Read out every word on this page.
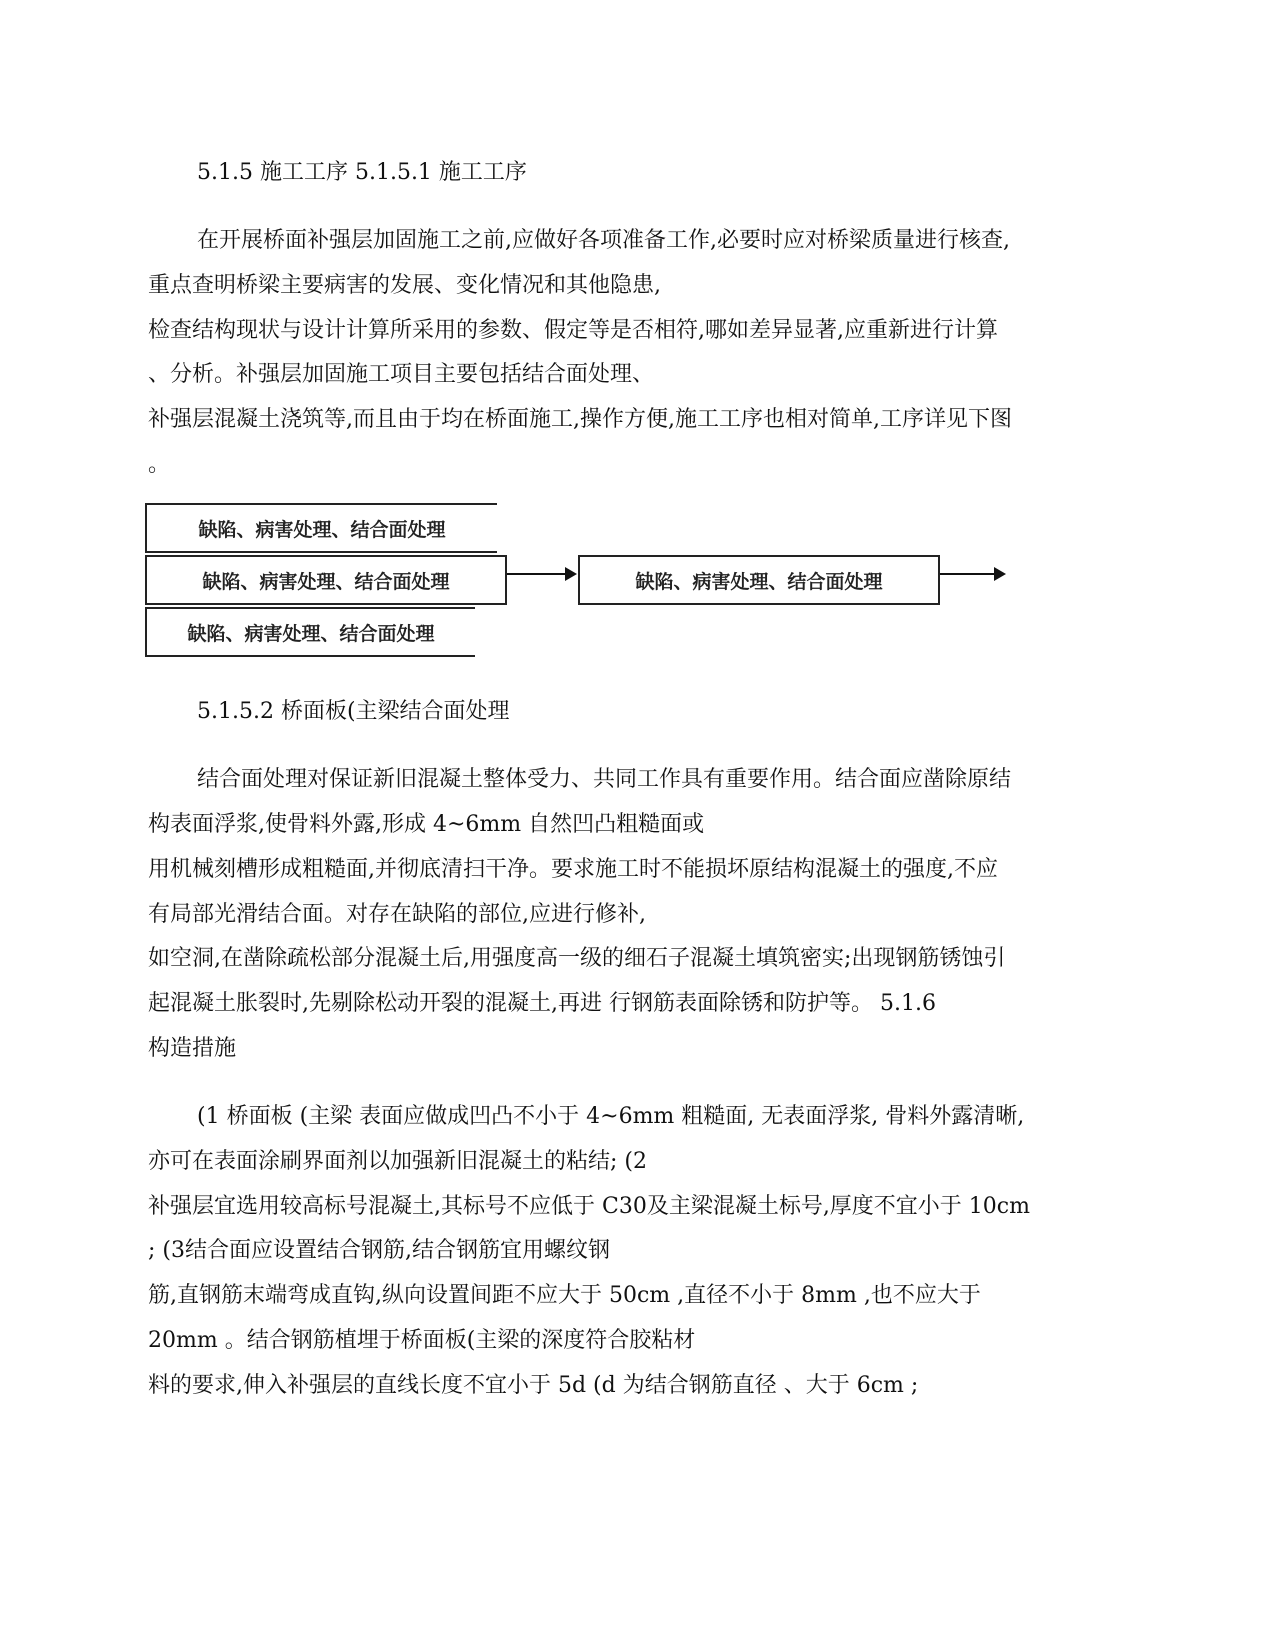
5.1.5 施工工序 5.1.5.1 施工工序
在开展桥面补强层加固施工之前,应做好各项准备工作,必要时应对桥梁质量进行核查,
重点查明桥梁主要病害的发展、变化情况和其他隐患,
检查结构现状与设计计算所采用的参数、假定等是否相符,哪如差异显著,应重新进行计算
、分析。补强层加固施工项目主要包括结合面处理、
补强层混凝土浇筑等,而且由于均在桥面施工,操作方便,施工工序也相对简单,工序详见下图
。
缺陷、病害处理、结合面处理
缺陷、病害处理、结合面处理
缺陷、病害处理、结合面处理
缺陷、病害处理、结合面处理
5.1.5.2 桥面板(主梁结合面处理
结合面处理对保证新旧混凝土整体受力、共同工作具有重要作用。结合面应凿除原结
构表面浮浆,使骨料外露,形成 4~6mm 自然凹凸粗糙面或
用机械刻槽形成粗糙面,并彻底清扫干净。要求施工时不能损坏原结构混凝土的强度,不应
有局部光滑结合面。对存在缺陷的部位,应进行修补,
如空洞,在凿除疏松部分混凝土后,用强度高一级的细石子混凝土填筑密实;出现钢筋锈蚀引
起混凝土胀裂时,先剔除松动开裂的混凝土,再进 行钢筋表面除锈和防护等。 5.1.6
构造措施
(1 桥面板 (主梁 表面应做成凹凸不小于 4~6mm 粗糙面, 无表面浮浆, 骨料外露清晰,
亦可在表面涂刷界面剂以加强新旧混凝土的粘结; (2
补强层宜选用较高标号混凝土,其标号不应低于 C30及主梁混凝土标号,厚度不宜小于 10cm
; (3结合面应设置结合钢筋,结合钢筋宜用螺纹钢
筋,直钢筋末端弯成直钩,纵向设置间距不应大于 50cm ,直径不小于 8mm ,也不应大于
20mm 。结合钢筋植埋于桥面板(主梁的深度符合胶粘材
料的要求,伸入补强层的直线长度不宜小于 5d (d 为结合钢筋直径 、大于 6cm ;
